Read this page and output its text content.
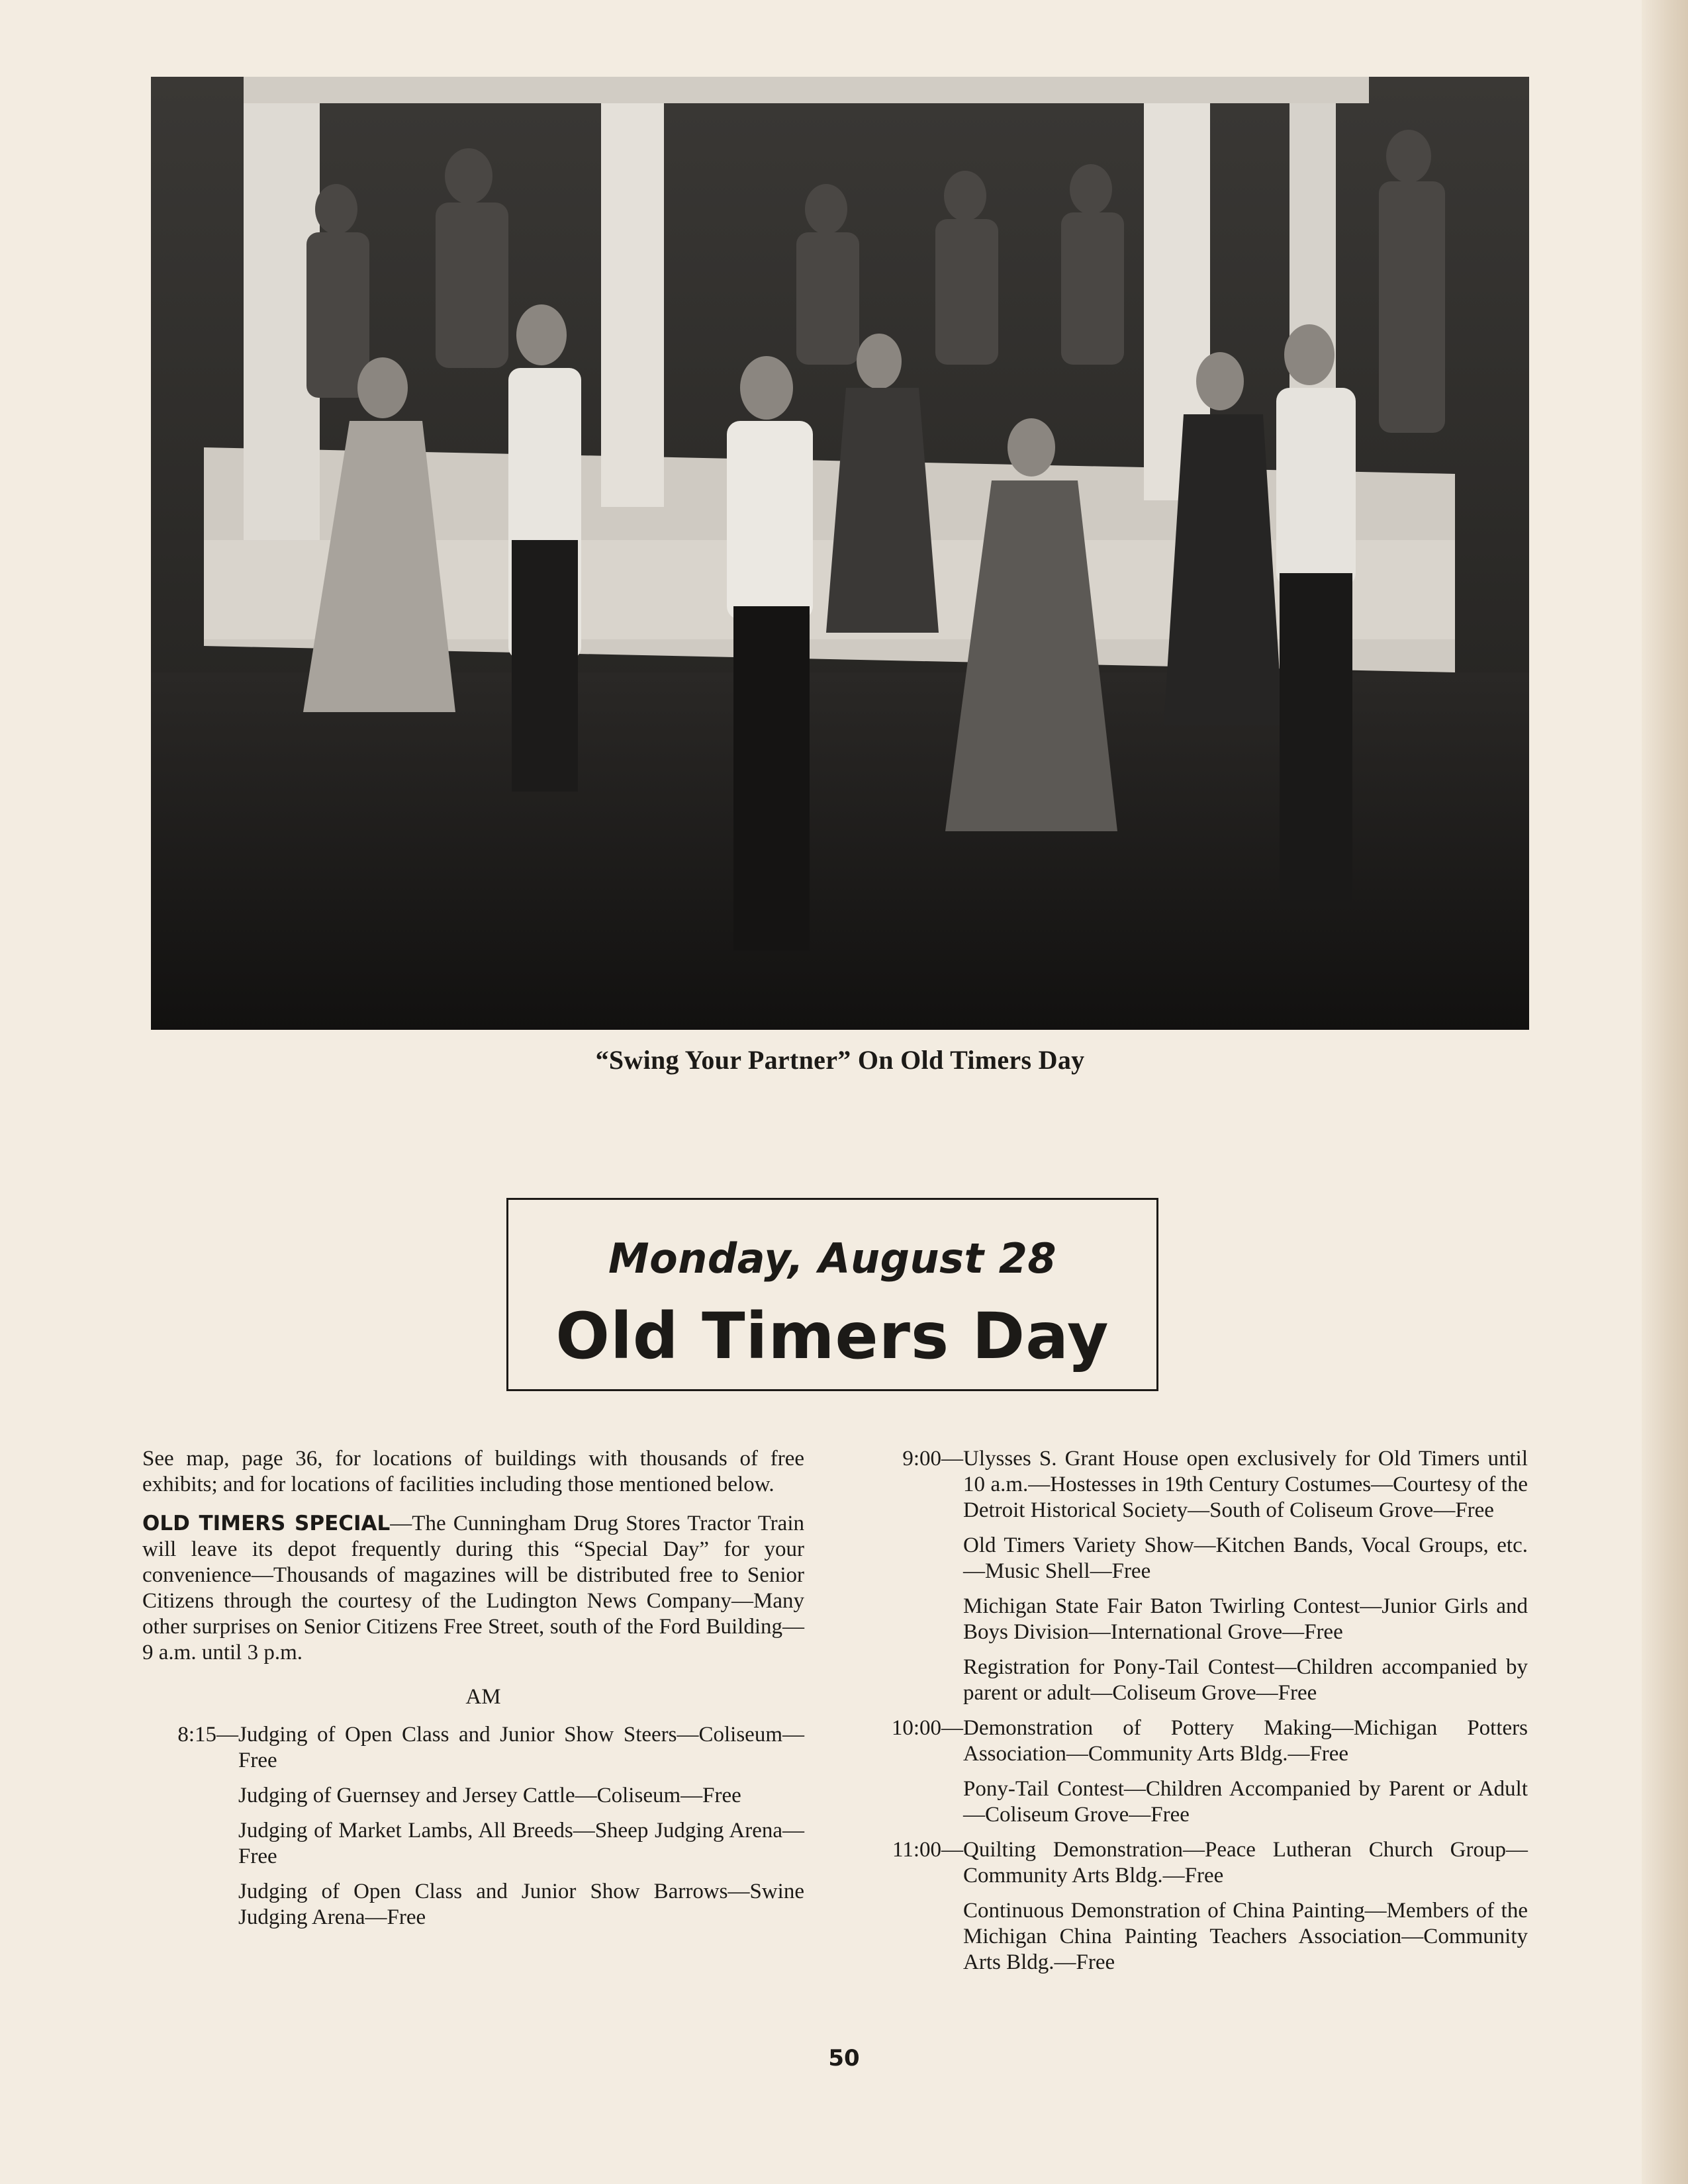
“Swing Your Partner” On Old Timers Day
Monday, August 28
Old Timers Day

See map, page 36, for locations of buildings with thousands of free exhibits; and for locations of facilities including those mentioned below.

OLD TIMERS SPECIAL—The Cunningham Drug Stores Tractor Train will leave its depot frequently during this “Special Day” for your convenience—Thousands of magazines will be distributed free to Senior Citizens through the courtesy of the Ludington News Company—Many other surprises on Senior Citizens Free Street, south of the Ford Building—9 a.m. until 3 p.m.

AM
8:15— Judging of Open Class and Junior Show Steers—Coliseum—Free
Judging of Guernsey and Jersey Cattle—Coliseum—Free
Judging of Market Lambs, All Breeds—Sheep Judging Arena—Free
Judging of Open Class and Junior Show Barrows—Swine Judging Arena—Free
9:00— Ulysses S. Grant House open exclusively for Old Timers until 10 a.m.—Hostesses in 19th Century Costumes—Courtesy of the Detroit Historical Society—South of Coliseum Grove—Free
Old Timers Variety Show—Kitchen Bands, Vocal Groups, etc.—Music Shell—Free
Michigan State Fair Baton Twirling Contest—Junior Girls and Boys Division—International Grove—Free
Registration for Pony-Tail Contest—Children accompanied by parent or adult—Coliseum Grove—Free
10:00— Demonstration of Pottery Making—Michigan Potters Association—Community Arts Bldg.—Free
Pony-Tail Contest—Children Accompanied by Parent or Adult—Coliseum Grove—Free
11:00— Quilting Demonstration—Peace Lutheran Church Group—Community Arts Bldg.—Free
Continuous Demonstration of China Painting—Members of the Michigan China Painting Teachers Association—Community Arts Bldg.—Free
50
